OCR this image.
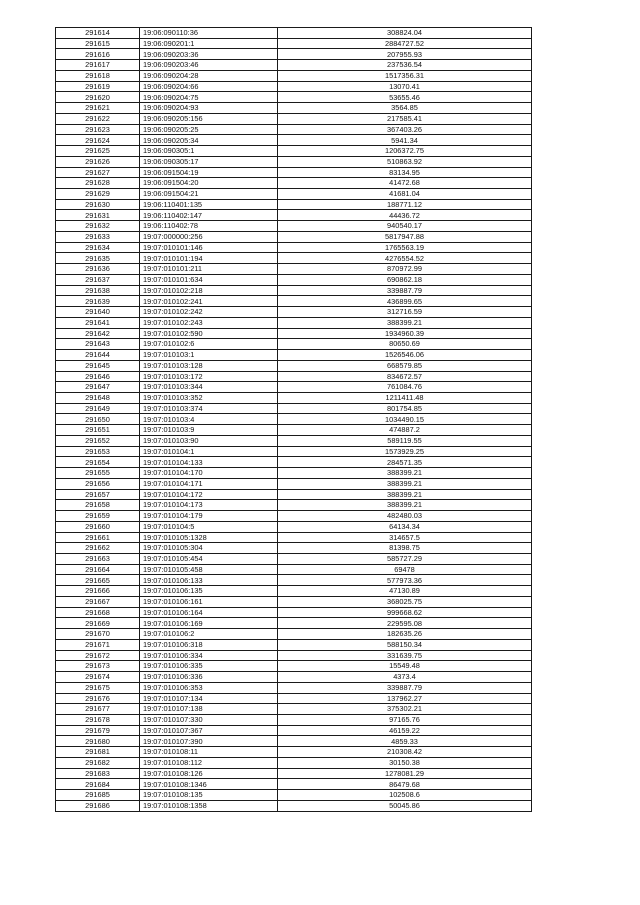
291614	19:06:090110:36	308824.04
291615	19:06:090201:1	2884727.52
291616	19:06:090203:36	207955.93
291617	19:06:090203:46	237536.54
291618	19:06:090204:28	1517356.31
291619	19:06:090204:66	13070.41
291620	19:06:090204:75	53655.46
291621	19:06:090204:93	3564.85
291622	19:06:090205:156	217585.41
291623	19:06:090205:25	367403.26
291624	19:06:090205:34	5941.34
291625	19:06:090305:1	1206372.75
291626	19:06:090305:17	510863.92
291627	19:06:091504:19	83134.95
291628	19:06:091504:20	41472.68
291629	19:06:091504:21	41681.04
291630	19:06:110401:135	188771.12
291631	19:06:110402:147	44436.72
291632	19:06:110402:78	940540.17
291633	19:07:000000:256	5817947.88
291634	19:07:010101:146	1765563.19
291635	19:07:010101:194	4276554.52
291636	19:07:010101:211	870972.99
291637	19:07:010101:634	690862.18
291638	19:07:010102:218	339887.79
291639	19:07:010102:241	436899.65
291640	19:07:010102:242	312716.59
291641	19:07:010102:243	388399.21
291642	19:07:010102:590	1934960.39
291643	19:07:010102:6	80650.69
291644	19:07:010103:1	1526546.06
291645	19:07:010103:128	668579.85
291646	19:07:010103:172	834672.57
291647	19:07:010103:344	761084.76
291648	19:07:010103:352	1211411.48
291649	19:07:010103:374	801754.85
291650	19:07:010103:4	1034490.15
291651	19:07:010103:9	474887.2
291652	19:07:010103:90	589119.55
291653	19:07:010104:1	1573929.25
291654	19:07:010104:133	284571.35
291655	19:07:010104:170	388399.21
291656	19:07:010104:171	388399.21
291657	19:07:010104:172	388399.21
291658	19:07:010104:173	388399.21
291659	19:07:010104:179	482480.03
291660	19:07:010104:5	64134.34
291661	19:07:010105:1328	314657.5
291662	19:07:010105:304	81398.75
291663	19:07:010105:454	585727.29
291664	19:07:010105:458	69478
291665	19:07:010106:133	577973.36
291666	19:07:010106:135	47130.89
291667	19:07:010106:161	368025.75
291668	19:07:010106:164	999668.62
291669	19:07:010106:169	229595.08
291670	19:07:010106:2	182635.26
291671	19:07:010106:318	588150.34
291672	19:07:010106:334	331639.75
291673	19:07:010106:335	15549.48
291674	19:07:010106:336	4373.4
291675	19:07:010106:353	339887.79
291676	19:07:010107:134	137962.27
291677	19:07:010107:138	375302.21
291678	19:07:010107:330	97165.76
291679	19:07:010107:367	46159.22
291680	19:07:010107:390	4859.33
291681	19:07:010108:11	210308.42
291682	19:07:010108:112	30150.38
291683	19:07:010108:126	1278081.29
291684	19:07:010108:1346	86479.68
291685	19:07:010108:135	102508.6
291686	19:07:010108:1358	50045.86
